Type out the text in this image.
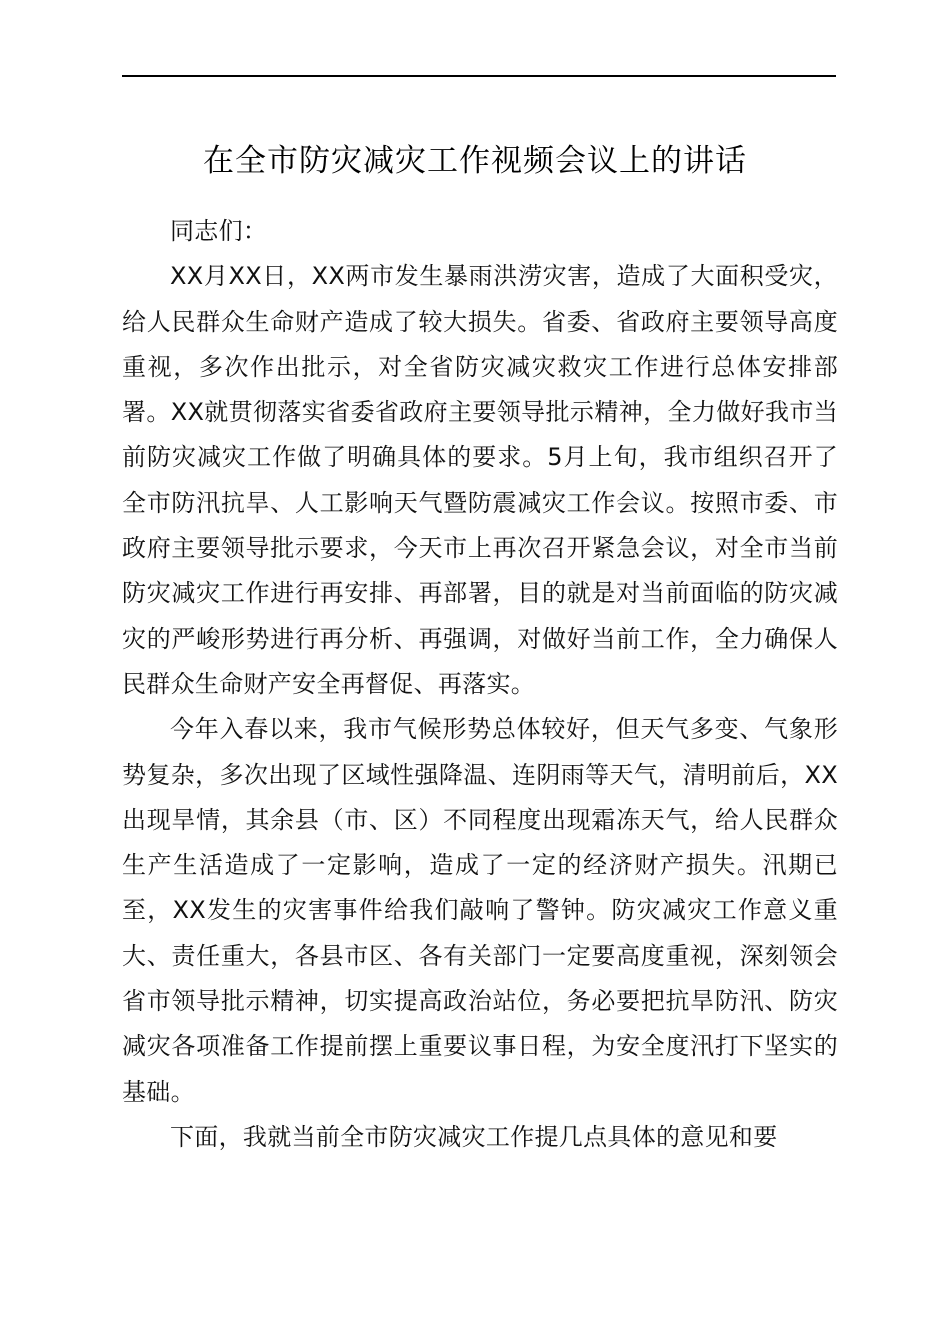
在全市防灾减灾工作视频会议上的讲话

同志们：

XX月XX日，XX两市发生暴雨洪涝灾害，造成了大面积受灾，给人民群众生命财产造成了较大损失。省委、省政府主要领导高度重视，多次作出批示，对全省防灾减灾救灾工作进行总体安排部署。XX就贯彻落实省委省政府主要领导批示精神，全力做好我市当前防灾减灾工作做了明确具体的要求。5月上旬，我市组织召开了全市防汛抗旱、人工影响天气暨防震减灾工作会议。按照市委、市政府主要领导批示要求，今天市上再次召开紧急会议，对全市当前防灾减灾工作进行再安排、再部署，目的就是对当前面临的防灾减灾的严峻形势进行再分析、再强调，对做好当前工作，全力确保人民群众生命财产安全再督促、再落实。

今年入春以来，我市气候形势总体较好，但天气多变、气象形势复杂，多次出现了区域性强降温、连阴雨等天气，清明前后，XX出现旱情，其余县（市、区）不同程度出现霜冻天气，给人民群众生产生活造成了一定影响，造成了一定的经济财产损失。汛期已至，XX发生的灾害事件给我们敲响了警钟。防灾减灾工作意义重大、责任重大，各县市区、各有关部门一定要高度重视，深刻领会省市领导批示精神，切实提高政治站位，务必要把抗旱防汛、防灾减灾各项准备工作提前摆上重要议事日程，为安全度汛打下坚实的基础。

下面，我就当前全市防灾减灾工作提几点具体的意见和要
